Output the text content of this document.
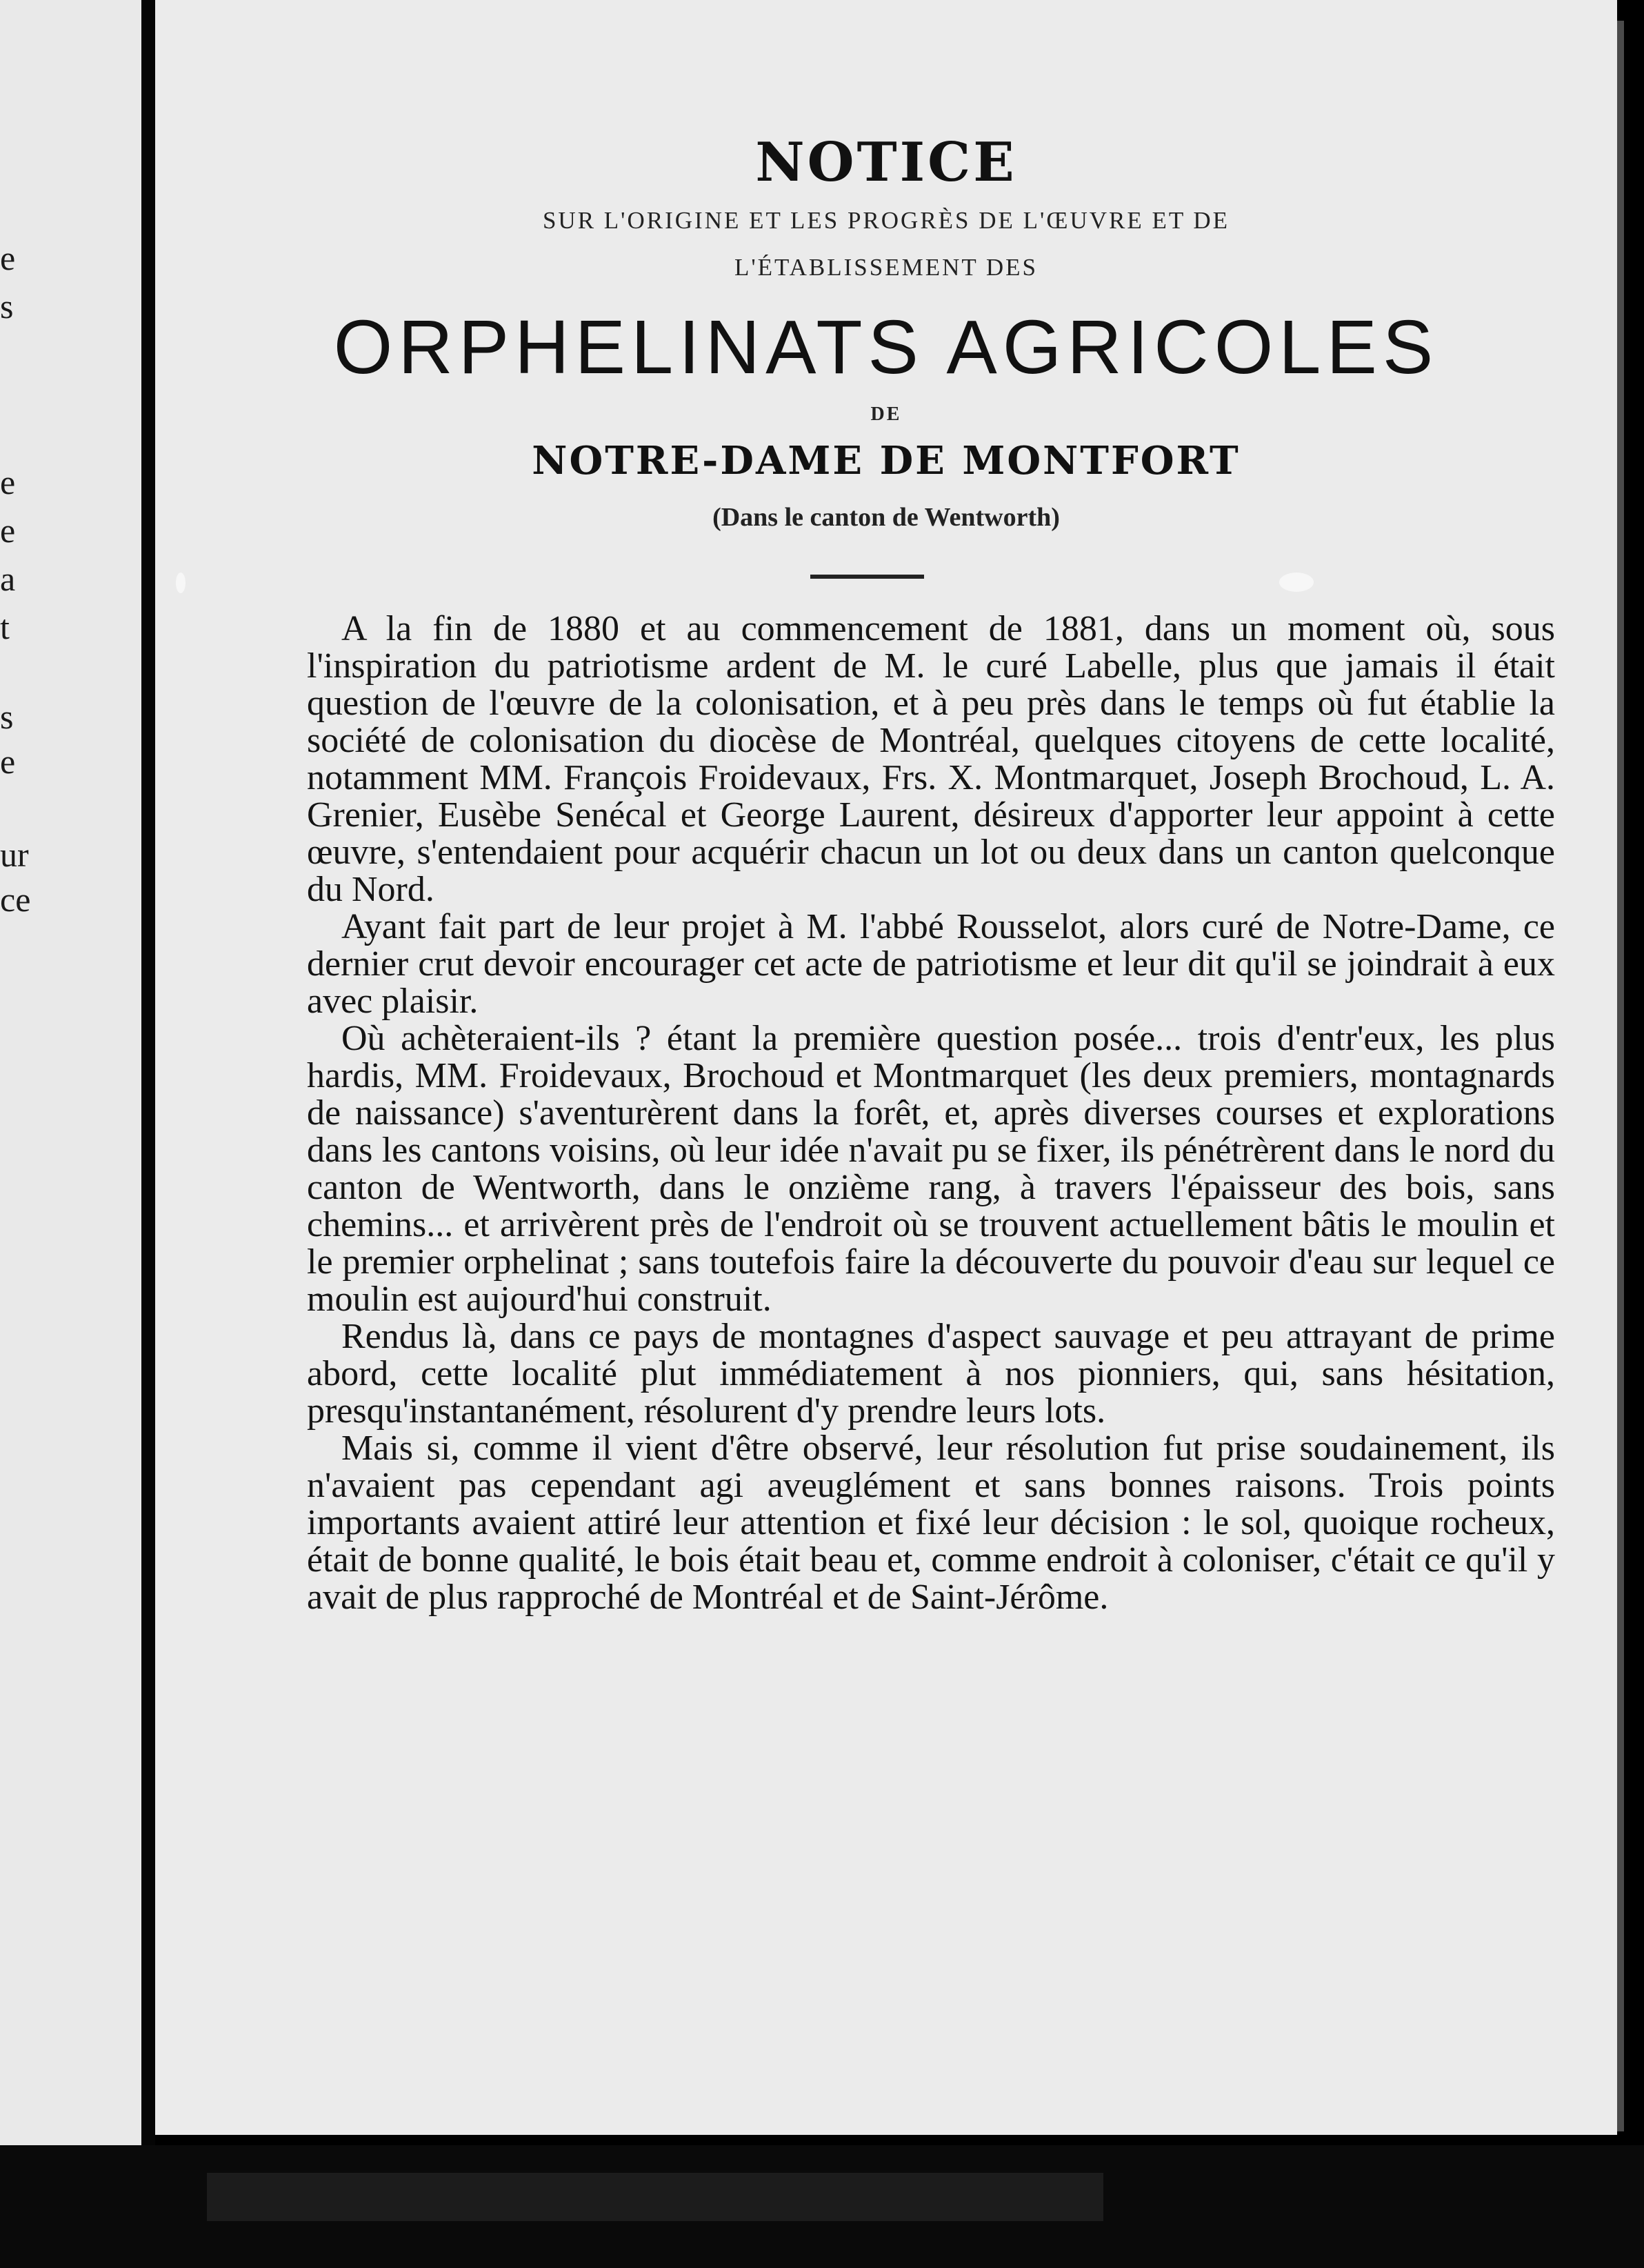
e
s
e
e
a
t
s
e
ur
ce
NOTICE
SUR L'ORIGINE ET LES PROGRÈS DE L'ŒUVRE ET DE
L'ÉTABLISSEMENT DES
ORPHELINATS AGRICOLES
DE
NOTRE-DAME DE MONTFORT
(Dans le canton de Wentworth)

A la fin de 1880 et au commencement de 1881, dans un moment où, sous l'inspiration du patriotisme ardent de M. le curé Labelle, plus que jamais il était question de l'œuvre de la colonisation, et à peu près dans le temps où fut établie la société de colonisation du diocèse de Montréal, quelques citoyens de cette localité, notamment MM. François Froidevaux, Frs. X. Montmarquet, Joseph Brochoud, L. A. Grenier, Eusèbe Senécal et George Laurent, désireux d'apporter leur appoint à cette œuvre, s'entendaient pour acquérir chacun un lot ou deux dans un canton quelconque du Nord.

Ayant fait part de leur projet à M. l'abbé Rousselot, alors curé de Notre-Dame, ce dernier crut devoir encourager cet acte de patriotisme et leur dit qu'il se joindrait à eux avec plaisir.

Où achèteraient-ils ? étant la première question posée... trois d'entr'eux, les plus hardis, MM. Froidevaux, Brochoud et Montmarquet (les deux premiers, montagnards de naissance) s'aventurèrent dans la forêt, et, après diverses courses et explorations dans les cantons voisins, où leur idée n'avait pu se fixer, ils pénétrèrent dans le nord du canton de Wentworth, dans le onzième rang, à travers l'épaisseur des bois, sans chemins... et arrivèrent près de l'endroit où se trouvent actuellement bâtis le moulin et le premier orphelinat ; sans toutefois faire la découverte du pouvoir d'eau sur lequel ce moulin est aujourd'hui construit.

Rendus là, dans ce pays de montagnes d'aspect sauvage et peu attrayant de prime abord, cette localité plut immédiatement à nos pionniers, qui, sans hésitation, presqu'instantanément, résolurent d'y prendre leurs lots.

Mais si, comme il vient d'être observé, leur résolution fut prise soudainement, ils n'avaient pas cependant agi aveuglément et sans bonnes raisons. Trois points importants avaient attiré leur attention et fixé leur décision : le sol, quoique rocheux, était de bonne qualité, le bois était beau et, comme endroit à coloniser, c'était ce qu'il y avait de plus rapproché de Montréal et de Saint-Jérôme.
